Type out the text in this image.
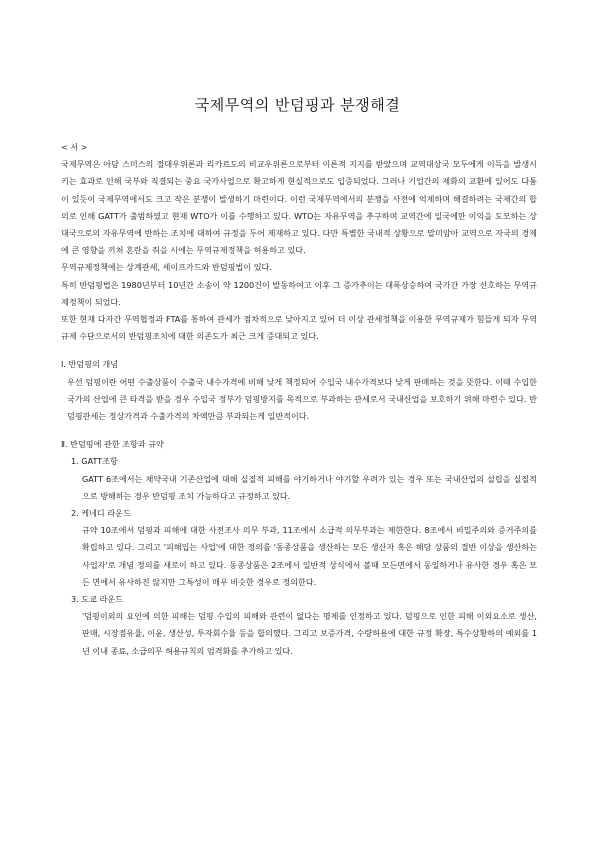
국제무역의 반덤핑과 분쟁해결

< 서 >

국제무역은 아담 스미스의 절대우위론과 리카르도의 비교우위론으로부터 이론적 지지를 받았으며 교역대상국 모두에게 이득을 발생시키는 효과로 인해 국부와 직결되는 중요 국가사업으로 확고하게 현실적으로도 입증되었다. 그러나 기업간의 제화의 교환에 있어도 다툼이 있듯이 국제무역에서도 크고 작은 분쟁이 발생하기 마련이다. 이런 국제무역에서의 분쟁을 사전에 억제하며 해결하려는 국제간의 합의로 인해 GATT가 출범하였고 현재 WTO가 이를 수행하고 있다. WTO는 자유무역을 추구하며 교역간에 일국에만 이익을 도모하는 상대국으로의 자유무역에 반하는 조치에 대하여 규정을 두어 제재하고 있다. 다만 특별한 국내적 상황으로 말미암아 교역으로 자국의 경제에 큰 영향을 끼쳐 혼란을 줘을 시에는 무역규제정책을 허용하고 있다.

무역규제정책에는 상계관세, 세이프가드와 반덤핑법이 있다.

특히 반덤핑법은 1980년부터 10년간 소송이 약 1200건이 발동하여고 이후 그 증가추이는 대폭상승하여 국가간 가장 선호하는 무역규제정책이 되었다.

또한 현재 다자간 무역협정과 FTA를 통하여 관세가 점차적으로 낮아지고 있어 더 이상 관세정책을 이용한 무역규제가 힘들게 되자 무역규제 수단으로서의 반덤핑조치에 대한 의존도가 최근 크게 증대되고 있다.

Ⅰ. 반덤핑의 개념

우선 덤핑이란 어떤 수출상품이 수출국 내수가격에 비해 낮게 책정되어 수입국 내수가격보다 낮게 판매하는 것을 뜻한다. 이때 수입한 국가의 산업에 큰 타격을 받을 경우 수입국 정부가 덤핑방지를 목적으로 부과하는 관세로서 국내산업을 보호하기 위해 마련수 있다. 반덤핑관세는 정상가격과 수출가격의 차액만큼 부과되는게 일반적이다.

Ⅱ. 반덤핑에 관한 조항과 규약

1. GATT조항

GATT 6조에서는 체약국내 기존산업에 대해 실질적 피해를 야기하거나 야기할 우려가 있는 경우 또는 국내산업의 설립을 실질적으로 방해하는 경우 반덤핑 조치 가능하다고 규정하고 있다.

2. 케네디 라운드

규약 10조에서 덤핑과 피해에 대한 사전조사 의무 부과, 11조에서 소급적 의무부과는 제한한다. 8조에서 비밀주의와 증거주의를 확립하고 있다. 그리고 '피해입는 사업'에 대한 정의를 '동종상품을 생산하는 모든 생산자 혹은 해당 상품의 절반 이상을 생산하는 사업자'로 개념 정의를 새로이 하고 있다. 동종상품은 2조에서 일반적 상식에서 볼때 모든면에서 동일하거나 유사한 경우 혹은 모든 면에서 유사하진 않지만 그특성이 매우 비슷한 경우로 정의한다.

3. 도쿄 라운드

'덤핑이외의 요인에 의한 피해는 덤핑 수입의 피해와 관련이 없다는 명제를 인정하고 있다. 덤핑으로 인한 피해 이외요소로 생산, 판매, 시장점유율, 이윤, 생산성, 투자회수율 등을 합의했다. 그리고 보증가격, 수량허용에 대한 규정 확장, 특수상황하의 예외를 1년 이내 종료, 소급의무 허용규칙의 엄격화를 추가하고 있다.
